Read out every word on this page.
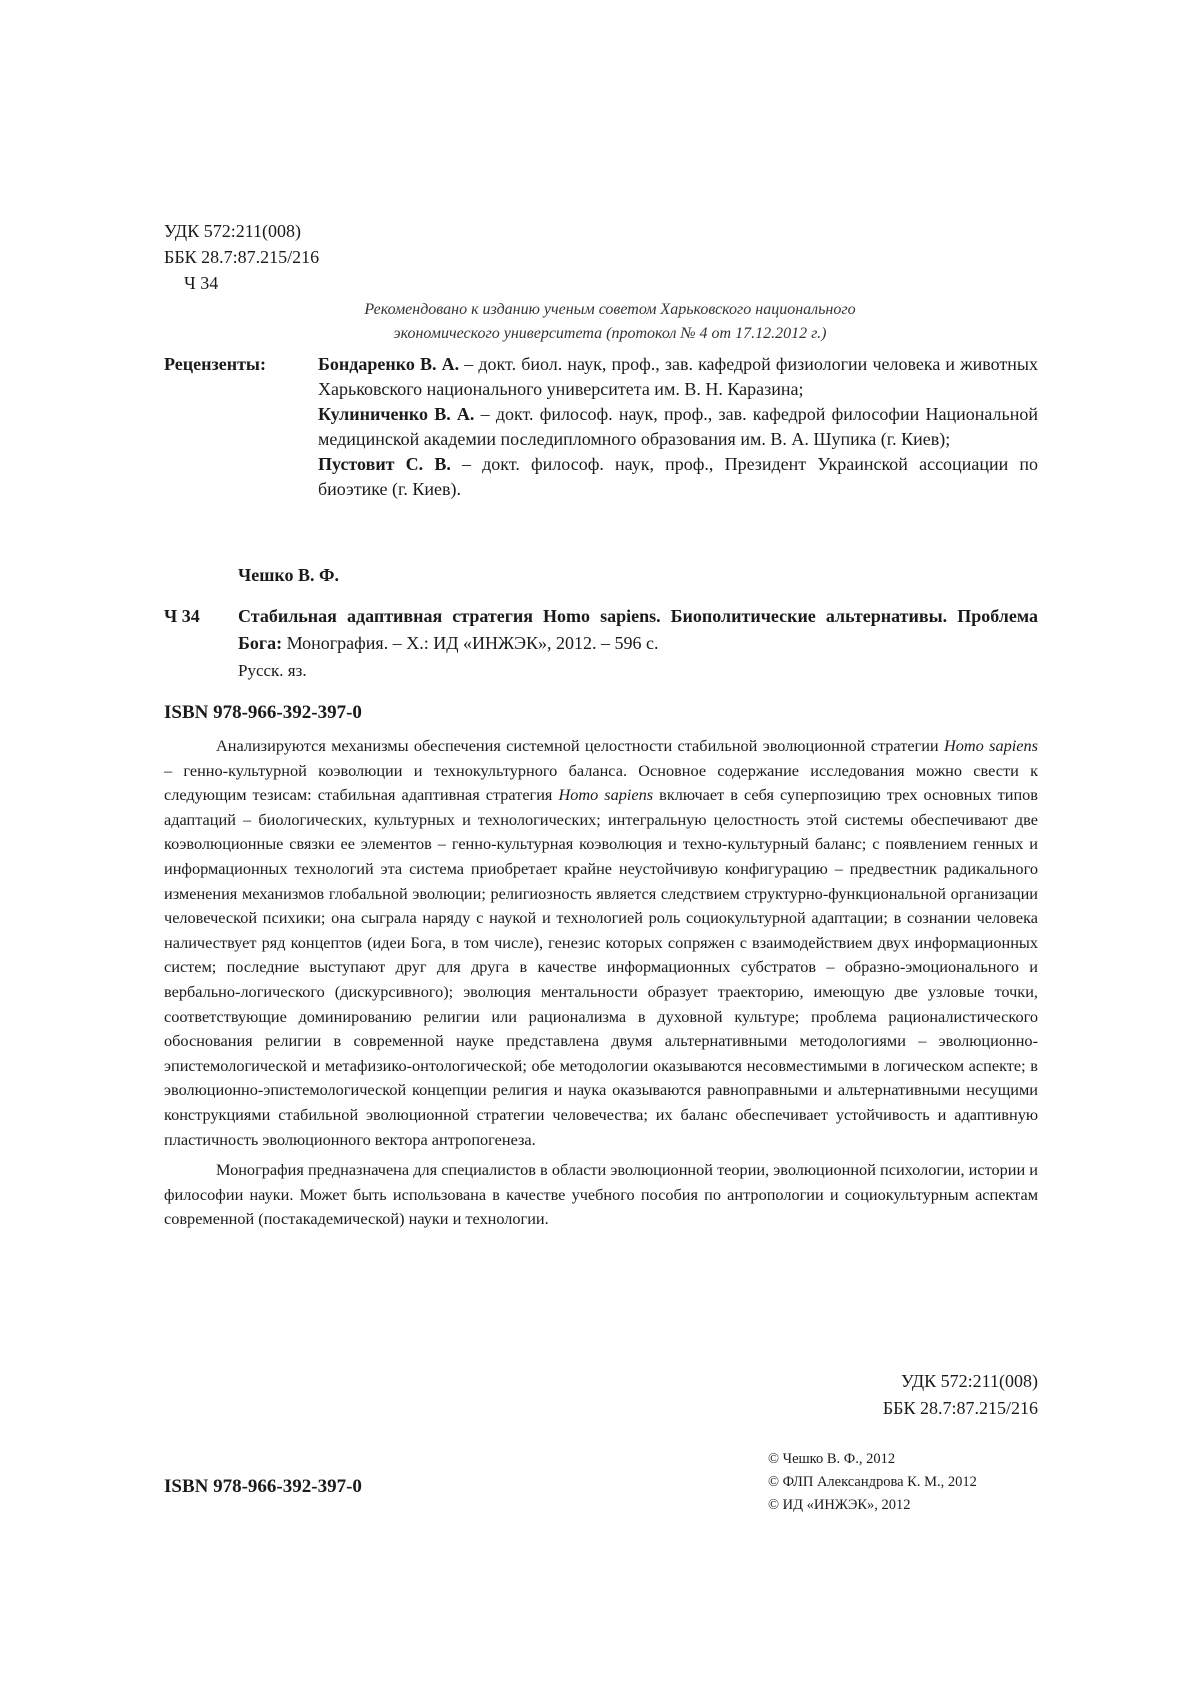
УДК 572:211(008)
ББК 28.7:87.215/216
Ч 34
Рекомендовано к изданию ученым советом Харьковского национального
экономического университета (протокол № 4 от 17.12.2012 г.)
Рецензенты:	Бондаренко В. А. – докт. биол. наук, проф., зав. кафедрой физиологии человека и животных Харьковского национального университета им. В. Н. Каразина;

Кулиниченко В. А. – докт. философ. наук, проф., зав. кафедрой философии Национальной медицинской академии последипломного образования им. В. А. Шупика (г. Киев);

Пустовит С. В. – докт. философ. наук, проф., Президент Украинской ассоциации по биоэтике (г. Киев).

Чешко В. Ф.
Ч 34 Стабильная адаптивная стратегия Homo sapiens. Биополитические альтернативы. Проблема Бога: Монография. – Х.: ИД «ИНЖЭК», 2012. – 596 с.
Русск. яз.
ISBN 978-966-392-397-0

Анализируются механизмы обеспечения системной целостности стабильной эволюционной стратегии Homo sapiens – генно-культурной коэволюции и технокультурного баланса. Основное содержание исследования можно свести к следующим тезисам: стабильная адаптивная стратегия Homo sapiens включает в себя суперпозицию трех основных типов адаптаций – биологических, культурных и технологических; интегральную целостность этой системы обеспечивают две коэволюционные связки ее элементов – генно-культурная коэволюция и техно-культурный баланс; с появлением генных и информационных технологий эта система приобретает крайне неустойчивую конфигурацию – предвестник радикального изменения механизмов глобальной эволюции; религиозность является следствием структурно-функциональной организации человеческой психики; она сыграла наряду с наукой и технологией роль социокультурной адаптации; в сознании человека наличествует ряд концептов (идеи Бога, в том числе), генезис которых сопряжен с взаимодействием двух информационных систем; последние выступают друг для друга в качестве информационных субстратов – образно-эмоционального и вербально-логического (дискурсивного); эволюция ментальности образует траекторию, имеющую две узловые точки, соответствующие доминированию религии или рационализма в духовной культуре; проблема рационалистического обоснования религии в современной науке представлена двумя альтернативными методологиями – эволюционно-эпистемологической и метафизико-онтологической; обе методологии оказываются несовместимыми в логическом аспекте; в эволюционно-эпистемологической концепции религия и наука оказываются равноправными и альтернативными несущими конструкциями стабильной эволюционной стратегии человечества; их баланс обеспечивает устойчивость и адаптивную пластичность эволюционного вектора антропогенеза.

Монография предназначена для специалистов в области эволюционной теории, эволюционной психологии, истории и философии науки. Может быть использована в качестве учебного пособия по антропологии и социокультурным аспектам современной (постакадемической) науки и технологии.

УДК 572:211(008)
ББК 28.7:87.215/216
ISBN 978-966-392-397-0
© Чешко В. Ф., 2012
© ФЛП Александрова К. М., 2012
© ИД «ИНЖЭК», 2012
